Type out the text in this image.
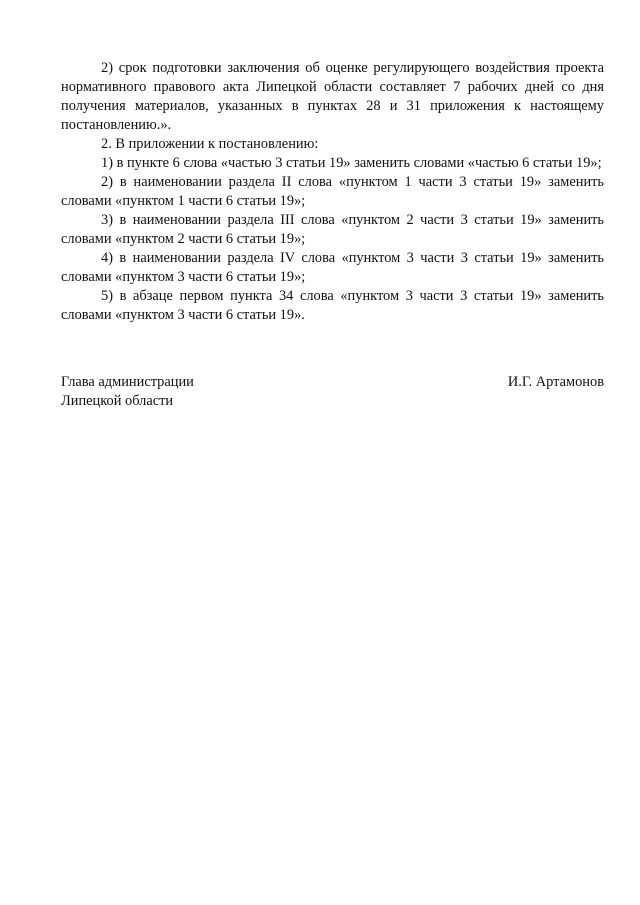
2) срок подготовки заключения об оценке регулирующего воздействия проекта нормативного правового акта Липецкой области составляет 7 рабочих дней со дня получения материалов, указанных в пунктах 28 и 31 приложения к настоящему постановлению.».

2. В приложении к постановлению:

1) в пункте 6 слова «частью 3 статьи 19» заменить словами «частью 6 статьи 19»;

2) в наименовании раздела II слова «пунктом 1 части 3 статьи 19» заменить словами «пунктом 1 части 6 статьи 19»;

3) в наименовании раздела III слова «пунктом 2 части 3 статьи 19» заменить словами «пунктом 2 части 6 статьи 19»;

4) в наименовании раздела IV слова «пунктом 3 части 3 статьи 19» заменить словами «пунктом 3 части 6 статьи 19»;

5) в абзаце первом пункта 34 слова «пунктом 3 части 3 статьи 19» заменить словами «пунктом 3 части 6 статьи 19».

Глава администрации
Липецкой области
И.Г. Артамонов
